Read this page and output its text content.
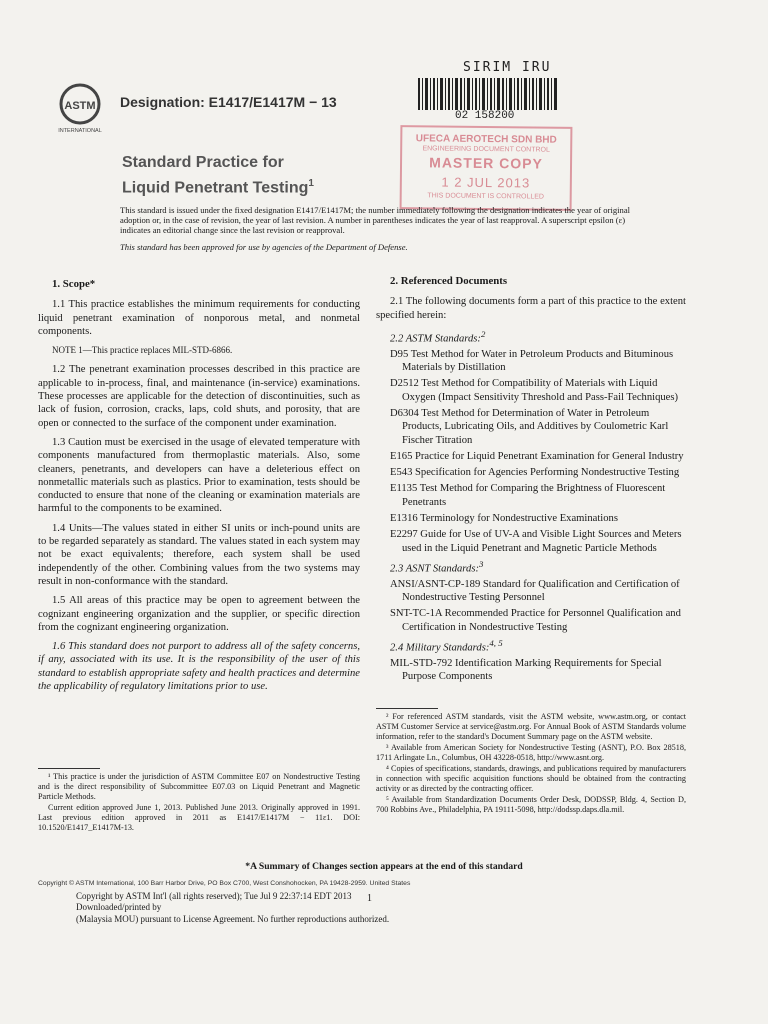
ASTM
INTERNATIONAL
Designation: E1417/E1417M − 13
Standard Practice for
Liquid Penetrant Testing$^1$
SIRIM IRU
02 158200
UFECA AEROTECH SDN BHD
ENGINEERING DOCUMENT CONTROL
MASTER COPY
1 2 JUL 2013
THIS DOCUMENT IS CONTROLLED

This standard is issued under the fixed designation E1417/E1417M; the number immediately following the designation indicates the year of original adoption or, in the case of revision, the year of last revision. A number in parentheses indicates the year of last reapproval. A superscript epsilon (ε) indicates an editorial change since the last revision or reapproval.

This standard has been approved for use by agencies of the Department of Defense.
1. Scope*

1.1 This practice establishes the minimum requirements for conducting liquid penetrant examination of nonporous metal, and nonmetal components.

NOTE 1—This practice replaces MIL-STD-6866.

1.2 The penetrant examination processes described in this practice are applicable to in-process, final, and maintenance (in-service) examinations. These processes are applicable for the detection of discontinuities, such as lack of fusion, corrosion, cracks, laps, cold shuts, and porosity, that are open or connected to the surface of the component under examination.

1.3 Caution must be exercised in the usage of elevated temperature with components manufactured from thermoplastic materials. Also, some cleaners, penetrants, and developers can have a deleterious effect on nonmetallic materials such as plastics. Prior to examination, tests should be conducted to ensure that none of the cleaning or examination materials are harmful to the components to be examined.

1.4 Units—The values stated in either SI units or inch-pound units are to be regarded separately as standard. The values stated in each system may not be exact equivalents; therefore, each system shall be used independently of the other. Combining values from the two systems may result in non-conformance with the standard.

1.5 All areas of this practice may be open to agreement between the cognizant engineering organization and the supplier, or specific direction from the cognizant engineering organization.

1.6 This standard does not purport to address all of the safety concerns, if any, associated with its use. It is the responsibility of the user of this standard to establish appropriate safety and health practices and determine the applicability of regulatory limitations prior to use.

2. Referenced Documents

2.1 The following documents form a part of this practice to the extent specified herein:

2.2 ASTM Standards:$^2$
D95 Test Method for Water in Petroleum Products and Bituminous Materials by Distillation
D2512 Test Method for Compatibility of Materials with Liquid Oxygen (Impact Sensitivity Threshold and Pass-Fail Techniques)
D6304 Test Method for Determination of Water in Petroleum Products, Lubricating Oils, and Additives by Coulometric Karl Fischer Titration
E165 Practice for Liquid Penetrant Examination for General Industry
E543 Specification for Agencies Performing Nondestructive Testing
E1135 Test Method for Comparing the Brightness of Fluorescent Penetrants
E1316 Terminology for Nondestructive Examinations
E2297 Guide for Use of UV-A and Visible Light Sources and Meters used in the Liquid Penetrant and Magnetic Particle Methods
2.3 ASNT Standards:$^3$
ANSI/ASNT-CP-189 Standard for Qualification and Certification of Nondestructive Testing Personnel
SNT-TC-1A Recommended Practice for Personnel Qualification and Certification in Nondestructive Testing
2.4 Military Standards:$^{4, 5}$
MIL-STD-792 Identification Marking Requirements for Special Purpose Components

¹ This practice is under the jurisdiction of ASTM Committee E07 on Nondestructive Testing and is the direct responsibility of Subcommittee E07.03 on Liquid Penetrant and Magnetic Particle Methods.

Current edition approved June 1, 2013. Published June 2013. Originally approved in 1991. Last previous edition approved in 2011 as E1417/E1417M − 11ε1. DOI: 10.1520/E1417_E1417M-13.

² For referenced ASTM standards, visit the ASTM website, www.astm.org, or contact ASTM Customer Service at service@astm.org. For Annual Book of ASTM Standards volume information, refer to the standard's Document Summary page on the ASTM website.

³ Available from American Society for Nondestructive Testing (ASNT), P.O. Box 28518, 1711 Arlingate Ln., Columbus, OH 43228-0518, http://www.asnt.org.

⁴ Copies of specifications, standards, drawings, and publications required by manufacturers in connection with specific acquisition functions should be obtained from the contracting activity or as directed by the contracting officer.

⁵ Available from Standardization Documents Order Desk, DODSSP, Bldg. 4, Section D, 700 Robbins Ave., Philadelphia, PA 19111-5098, http://dodssp.daps.dla.mil.

*A Summary of Changes section appears at the end of this standard
Copyright © ASTM International, 100 Barr Harbor Drive, PO Box C700, West Conshohocken, PA 19428-2959. United States

Copyright by ASTM Int'l (all rights reserved); Tue Jul 9 22:37:14 EDT 2013

Downloaded/printed by

(Malaysia MOU) pursuant to License Agreement. No further reproductions authorized.

1
